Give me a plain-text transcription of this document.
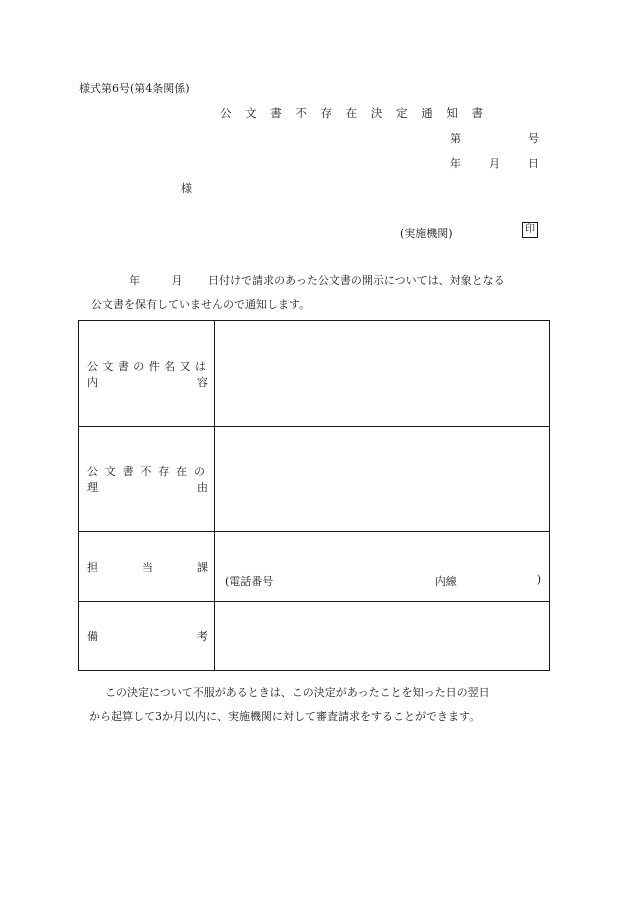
様式第6号(第4条関係)
公 文 書 不 存 在 決 定 通 知 書
第	号
年	月	日
様
(実施機関)	印
年	月 日付けで請求のあった公文書の開示については、対象となる
公文書を保有していませんので通知します。
公文書の件名又は
内 容	

公文書不存在の
理 由	

担 当 課	(電話番号 内線 )

備 考	

この決定について不服があるときは、この決定があったことを知った日の翌日
から起算して3か月以内に、実施機関に対して審査請求をすることができます。
